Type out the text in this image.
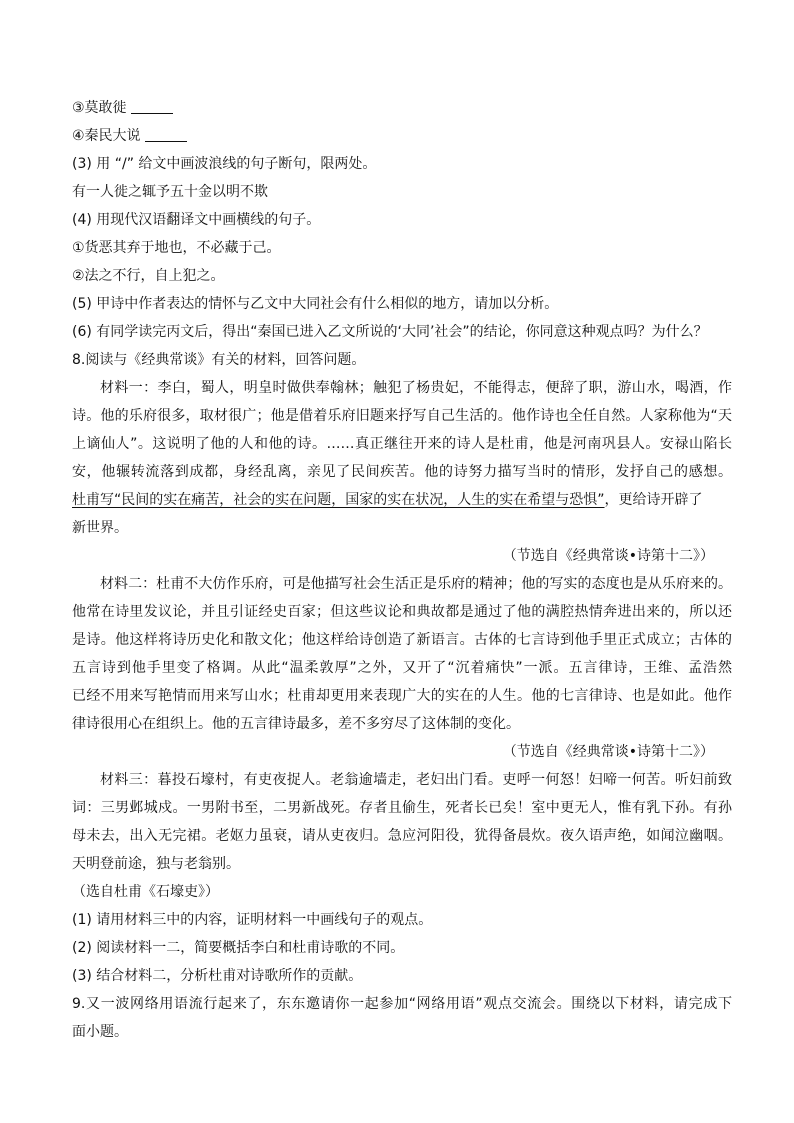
③莫敢徙
④秦民大说
(3) 用 “/” 给文中画波浪线的句子断句，限两处。
有一人徙之辄予五十金以明不欺
(4) 用现代汉语翻译文中画横线的句子。
①货恶其弃于地也，不必藏于己。
②法之不行，自上犯之。
(5) 甲诗中作者表达的情怀与乙文中大同社会有什么相似的地方，请加以分析。
(6) 有同学读完丙文后，得出“秦国已进入乙文所说的‘大同’社会”的结论，你同意这种观点吗？为什么？
8.阅读与《经典常谈》有关的材料，回答问题。
材料一：李白，蜀人，明皇时做供奉翰林；触犯了杨贵妃，不能得志，便辞了职，游山水，喝酒，作
诗。他的乐府很多，取材很广；他是借着乐府旧题来抒写自己生活的。他作诗也全任自然。人家称他为“天
上谪仙人”。这说明了他的人和他的诗。……真正继往开来的诗人是杜甫，他是河南巩县人。安禄山陷长
安，他辗转流落到成都，身经乱离，亲见了民间疾苦。他的诗努力描写当时的情形，发抒自己的感想。
杜甫写“民间的实在痛苦，社会的实在问题，国家的实在状况，人生的实在希望与恐惧”，更给诗开辟了
新世界。
（节选自《经典常谈•诗第十二》）
材料二：杜甫不大仿作乐府，可是他描写社会生活正是乐府的精神；他的写实的态度也是从乐府来的。
他常在诗里发议论，并且引证经史百家；但这些议论和典故都是通过了他的满腔热情奔进出来的，所以还
是诗。他这样将诗历史化和散文化；他这样给诗创造了新语言。古体的七言诗到他手里正式成立；古体的
五言诗到他手里变了格调。从此“温柔敦厚”之外，又开了“沉着痛快”一派。五言律诗，王维、孟浩然
已经不用来写艳情而用来写山水；杜甫却更用来表现广大的实在的人生。他的七言律诗、也是如此。他作
律诗很用心在组织上。他的五言律诗最多，差不多穷尽了这体制的变化。
（节选自《经典常谈•诗第十二》）
材料三：暮投石壕村，有吏夜捉人。老翁逾墙走，老妇出门看。吏呼一何怒！妇啼一何苦。听妇前致
词：三男邺城戍。一男附书至，二男新战死。存者且偷生，死者长已矣！室中更无人，惟有乳下孙。有孙
母未去，出入无完裙。老妪力虽衰，请从吏夜归。急应河阳役，犹得备晨炊。夜久语声绝，如闻泣幽咽。
天明登前途，独与老翁别。
（选自杜甫《石壕吏》）
(1) 请用材料三中的内容，证明材料一中画线句子的观点。
(2) 阅读材料一二，简要概括李白和杜甫诗歌的不同。
(3) 结合材料二，分析杜甫对诗歌所作的贡献。
9.又一波网络用语流行起来了，东东邀请你一起参加“网络用语”观点交流会。围绕以下材料，请完成下
面小题。
